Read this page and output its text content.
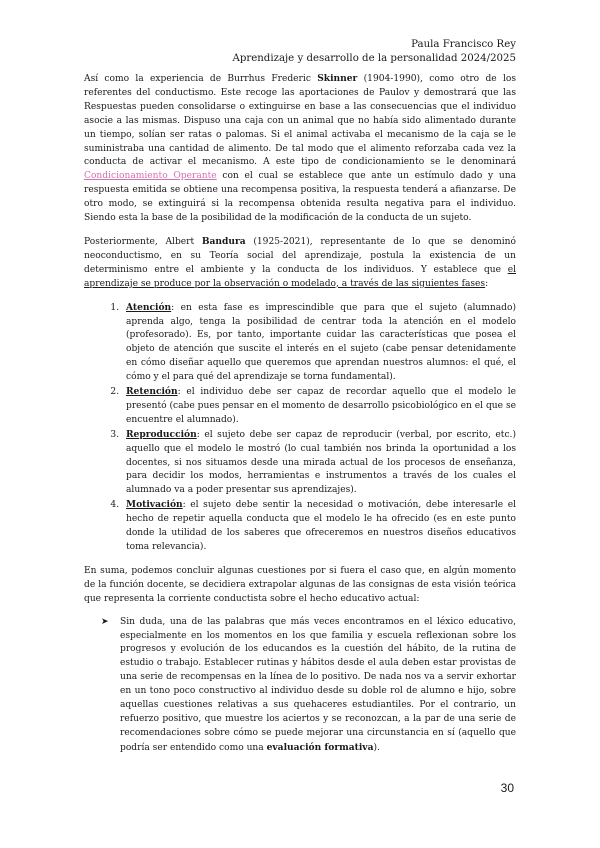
Paula Francisco Rey
Aprendizaje y desarrollo de la personalidad 2024/2025

Así como la experiencia de Burrhus Frederic Skinner (1904-1990), como otro de los referentes del conductismo. Este recoge las aportaciones de Paulov y demostrará que las Respuestas pueden consolidarse o extinguirse en base a las consecuencias que el individuo asocie a las mismas. Dispuso una caja con un animal que no había sido alimentado durante un tiempo, solían ser ratas o palomas. Si el animal activaba el mecanismo de la caja se le suministraba una cantidad de alimento. De tal modo que el alimento reforzaba cada vez la conducta de activar el mecanismo. A este tipo de condicionamiento se le denominará Condicionamiento Operante con el cual se establece que ante un estímulo dado y una respuesta emitida se obtiene una recompensa positiva, la respuesta tenderá a afianzarse. De otro modo, se extinguirá si la recompensa obtenida resulta negativa para el individuo. Siendo esta la base de la posibilidad de la modificación de la conducta de un sujeto.

Posteriormente, Albert Bandura (1925-2021), representante de lo que se denominó neoconductismo, en su Teoría social del aprendizaje, postula la existencia de un determinismo entre el ambiente y la conducta de los individuos. Y establece que el aprendizaje se produce por la observación o modelado, a través de las siguientes fases:

1. Atención: en esta fase es imprescindible que para que el sujeto (alumnado) aprenda algo, tenga la posibilidad de centrar toda la atención en el modelo (profesorado). Es, por tanto, importante cuidar las características que posea el objeto de atención que suscite el interés en el sujeto (cabe pensar detenidamente en cómo diseñar aquello que queremos que aprendan nuestros alumnos: el qué, el cómo y el para qué del aprendizaje se torna fundamental).
2. Retención: el individuo debe ser capaz de recordar aquello que el modelo le presentó (cabe pues pensar en el momento de desarrollo psicobiológico en el que se encuentre el alumnado).
3. Reproducción: el sujeto debe ser capaz de reproducir (verbal, por escrito, etc.) aquello que el modelo le mostró (lo cual también nos brinda la oportunidad a los docentes, si nos situamos desde una mirada actual de los procesos de enseñanza, para decidir los modos, herramientas e instrumentos a través de los cuales el alumnado va a poder presentar sus aprendizajes).
4. Motivación: el sujeto debe sentir la necesidad o motivación, debe interesarle el hecho de repetir aquella conducta que el modelo le ha ofrecido (es en este punto donde la utilidad de los saberes que ofreceremos en nuestros diseños educativos toma relevancia).

En suma, podemos concluir algunas cuestiones por si fuera el caso que, en algún momento de la función docente, se decidiera extrapolar algunas de las consignas de esta visión teórica que representa la corriente conductista sobre el hecho educativo actual:

➤ Sin duda, una de las palabras que más veces encontramos en el léxico educativo, especialmente en los momentos en los que familia y escuela reflexionan sobre los progresos y evolución de los educandos es la cuestión del hábito, de la rutina de estudio o trabajo. Establecer rutinas y hábitos desde el aula deben estar provistas de una serie de recompensas en la línea de lo positivo. De nada nos va a servir exhortar en un tono poco constructivo al individuo desde su doble rol de alumno e hijo, sobre aquellas cuestiones relativas a sus quehaceres estudiantiles. Por el contrario, un refuerzo positivo, que muestre los aciertos y se reconozcan, a la par de una serie de recomendaciones sobre cómo se puede mejorar una circunstancia en sí (aquello que podría ser entendido como una evaluación formativa).
30
